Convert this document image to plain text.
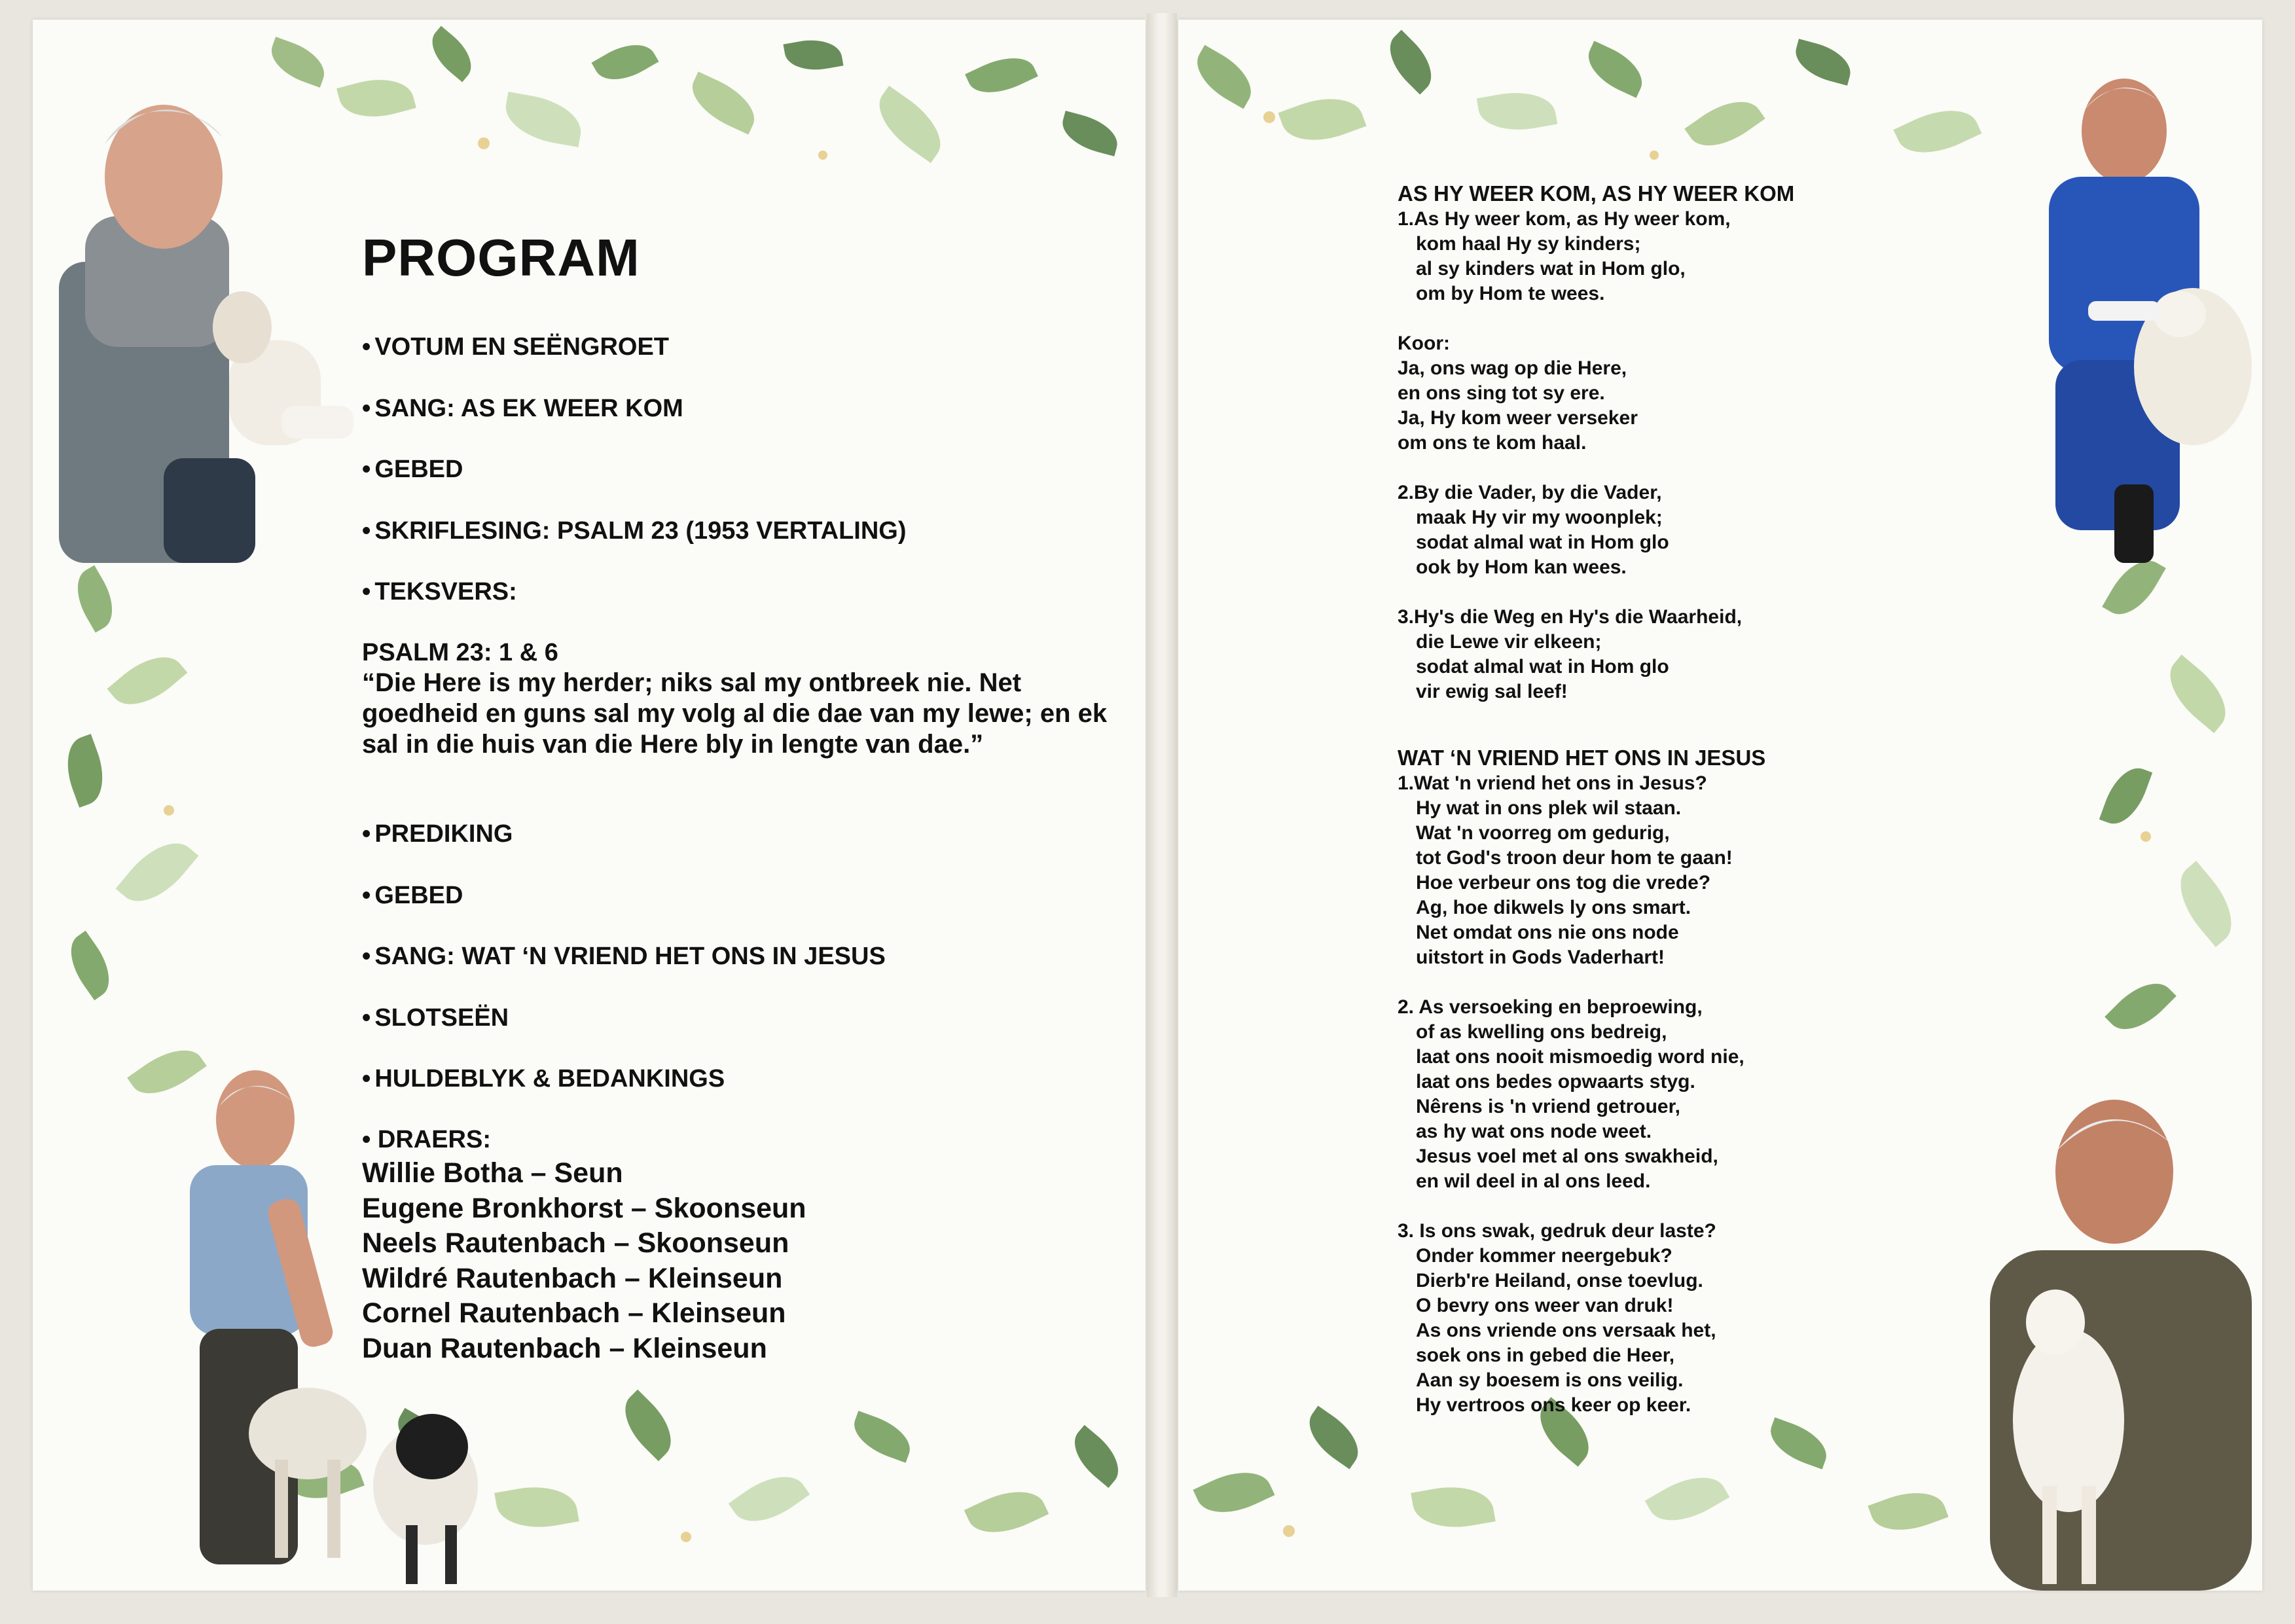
PROGRAM
• VOTUM EN SEËNGROET
• SANG: AS EK WEER KOM
• GEBED
• SKRIFLESING: PSALM 23 (1953 VERTALING)
• TEKSVERS:
PSALM 23: 1 & 6
“Die Here is my herder; niks sal my ontbreek nie. Net goedheid en guns sal my volg al die dae van my lewe; en ek sal in die huis van die Here bly in lengte van dae.”
• PREDIKING
• GEBED
• SANG: WAT ‘N VRIEND HET ONS IN JESUS
• SLOTSEËN
• HULDEBLYK & BEDANKINGS
• DRAERS:
Willie Botha – Seun
Eugene Bronkhorst – Skoonseun
Neels Rautenbach – Skoonseun
Wildré Rautenbach – Kleinseun
Cornel Rautenbach – Kleinseun
Duan Rautenbach – Kleinseun
AS HY WEER KOM, AS HY WEER KOM
1.As Hy weer kom, as Hy weer kom,
kom haal Hy sy kinders;
al sy kinders wat in Hom glo,
om by Hom te wees.
Koor:
Ja, ons wag op die Here,
en ons sing tot sy ere.
Ja, Hy kom weer verseker
om ons te kom haal.
2.By die Vader, by die Vader,
maak Hy vir my woonplek;
sodat almal wat in Hom glo
ook by Hom kan wees.
3.Hy's die Weg en Hy's die Waarheid,
die Lewe vir elkeen;
sodat almal wat in Hom glo
vir ewig sal leef!
WAT ‘N VRIEND HET ONS IN JESUS
1.Wat 'n vriend het ons in Jesus?
Hy wat in ons plek wil staan.
Wat 'n voorreg om gedurig,
tot God's troon deur hom te gaan!
Hoe verbeur ons tog die vrede?
Ag, hoe dikwels ly ons smart.
Net omdat ons nie ons node
uitstort in Gods Vaderhart!
2. As versoeking en beproewing,
of as kwelling ons bedreig,
laat ons nooit mismoedig word nie,
laat ons bedes opwaarts styg.
Nêrens is 'n vriend getrouer,
as hy wat ons node weet.
Jesus voel met al ons swakheid,
en wil deel in al ons leed.
3. Is ons swak, gedruk deur laste?
Onder kommer neergebuk?
Dierb're Heiland, onse toevlug.
O bevry ons weer van druk!
As ons vriende ons versaak het,
soek ons in gebed die Heer,
Aan sy boesem is ons veilig.
Hy vertroos ons keer op keer.
